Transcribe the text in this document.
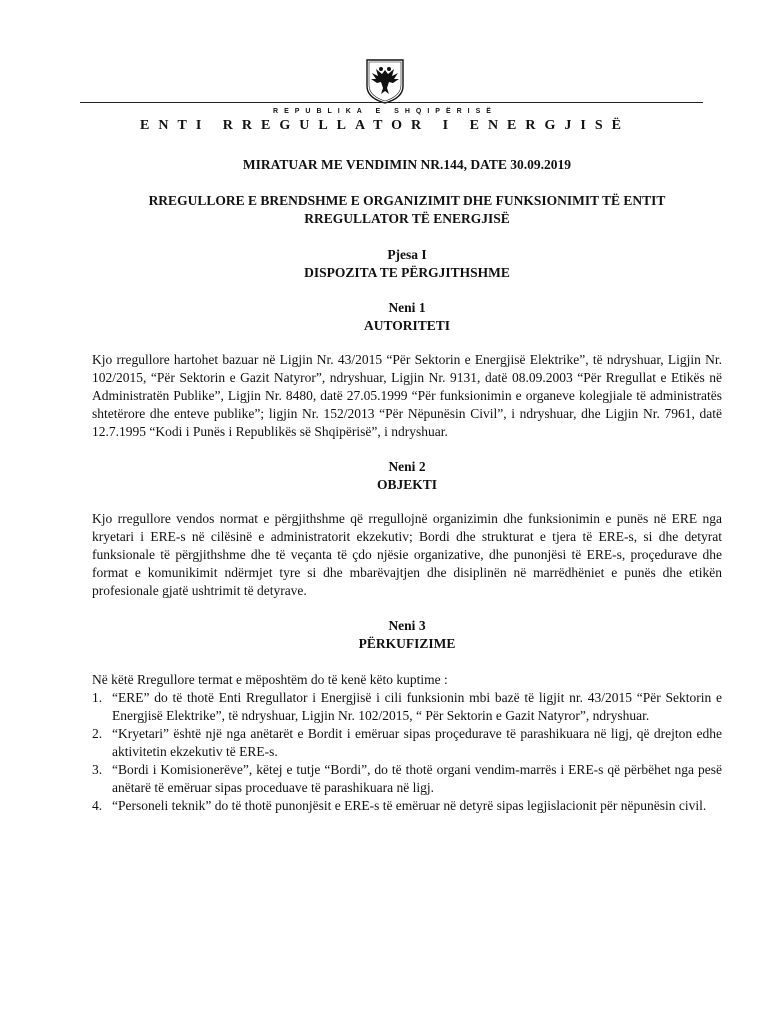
REPUBLIKA E SHQIPËRISË
ENTI RREGULLATOR I ENERGJISË
MIRATUAR ME VENDIMIN NR.144, DATE 30.09.2019
RREGULLORE E BRENDSHME E ORGANIZIMIT DHE FUNKSIONIMIT TË ENTIT
RREGULLATOR TË ENERGJISË
Pjesa I
DISPOZITA TE PËRGJITHSHME
Neni 1
AUTORITETI

Kjo rregullore hartohet bazuar në Ligjin Nr. 43/2015 “Për Sektorin e Energjisë Elektrike”, të ndryshuar, Ligjin Nr. 102/2015, “Për Sektorin e Gazit Natyror”, ndryshuar, Ligjin Nr. 9131, datë 08.09.2003 “Për Rregullat e Etikës në Administratën Publike”, Ligjin Nr. 8480, datë 27.05.1999 “Për funksionimin e organeve kolegjiale të administratës shtetërore dhe enteve publike”; ligjin Nr. 152/2013 “Për Nëpunësin Civil”, i ndryshuar, dhe Ligjin Nr. 7961, datë 12.7.1995 “Kodi i Punës i Republikës së Shqipërisë”, i ndryshuar.

Neni 2
OBJEKTI

Kjo rregullore vendos normat e përgjithshme që rregullojnë organizimin dhe funksionimin e punës në ERE nga kryetari i ERE-s në cilësinë e administratorit ekzekutiv; Bordi dhe strukturat e tjera të ERE-s, si dhe detyrat funksionale të përgjithshme dhe të veçanta të çdo njësie organizative, dhe punonjësi të ERE-s, proçedurave dhe format e komunikimit ndërmjet tyre si dhe mbarëvajtjen dhe disiplinën në marrëdhëniet e punës dhe etikën profesionale gjatë ushtrimit të detyrave.

Neni 3
PËRKUFIZIME
Në këtë Rregullore termat e mëposhtëm do të kenë këto kuptime :
1. “ERE” do të thotë Enti Rregullator i Energjisë i cili funksionin mbi bazë të ligjit nr. 43/2015 “Për Sektorin e Energjisë Elektrike”, të ndryshuar, Ligjin Nr. 102/2015, “ Për Sektorin e Gazit Natyror”, ndryshuar.
2. “Kryetari” është një nga anëtarët e Bordit i emëruar sipas proçedurave të parashikuara në ligj, që drejton edhe aktivitetin ekzekutiv të ERE-s.
3. “Bordi i Komisionerëve”, këtej e tutje “Bordi”, do të thotë organi vendim-marrës i ERE-s që përbëhet nga pesë anëtarë të emëruar sipas proceduave të parashikuara në ligj.
4. “Personeli teknik” do të thotë punonjësit e ERE-s të emëruar në detyrë sipas legjislacionit për nëpunësin civil.
